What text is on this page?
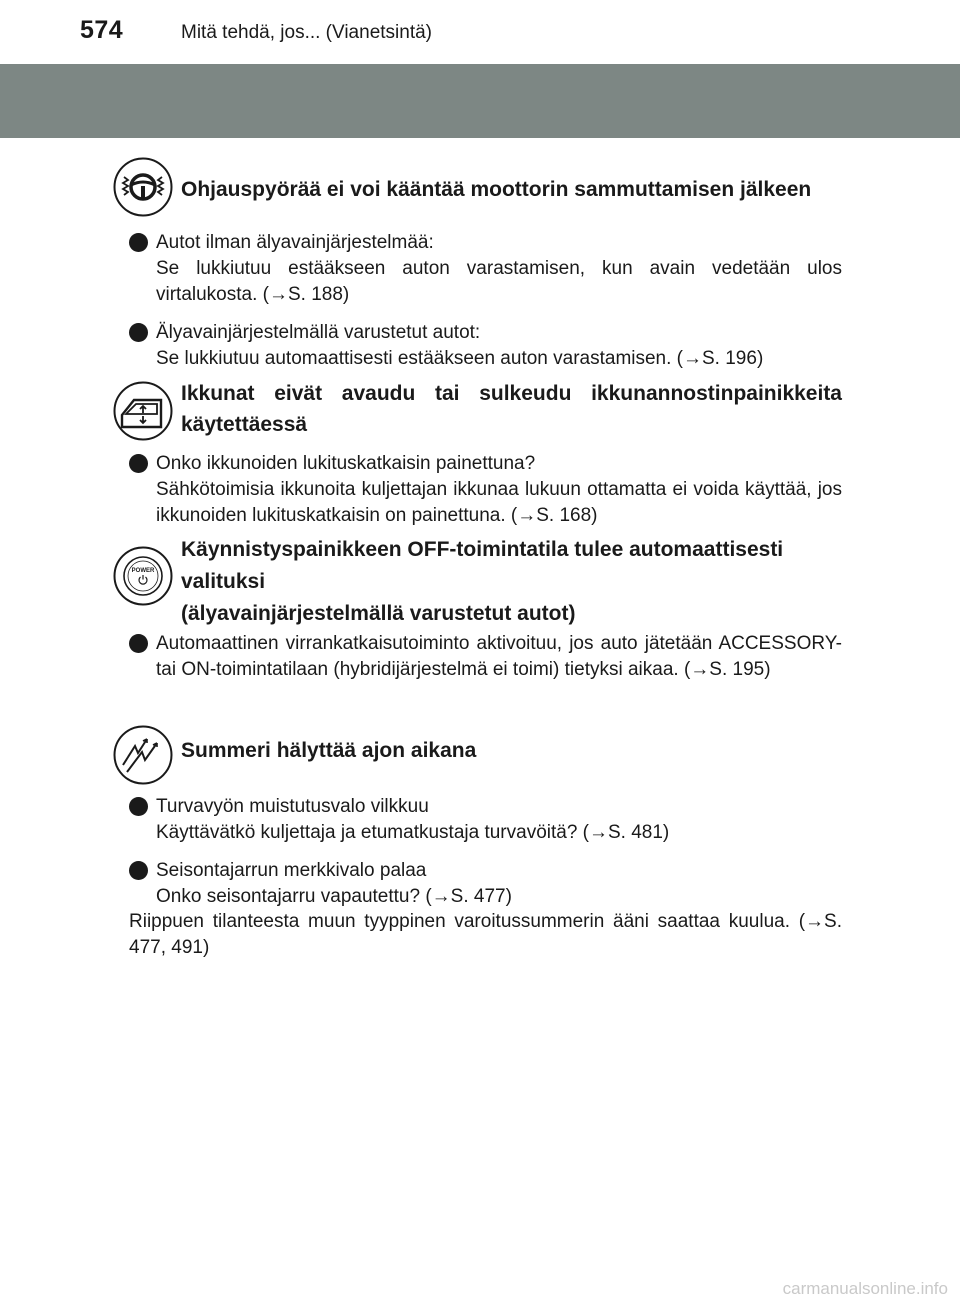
574	Mitä tehdä, jos... (Vianetsintä)
Ohjauspyörää ei voi kääntää moottorin sammuttamisen jälkeen
Autot ilman älyavainjärjestelmää:
Se lukkiutuu estääkseen auton varastamisen, kun avain vedetään ulos virtalukosta. (→S. 188)
Älyavainjärjestelmällä varustetut autot:
Se lukkiutuu automaattisesti estääkseen auton varastamisen. (→S. 196)
Ikkunat eivät avaudu tai sulkeudu ikkunannostinpainikkeita käytettäessä
Onko ikkunoiden lukituskatkaisin painettuna?
Sähkötoimisia ikkunoita kuljettajan ikkunaa lukuun ottamatta ei voida käyttää, jos ikkunoiden lukituskatkaisin on painettuna. (→S. 168)
POWER
Käynnistyspainikkeen OFF-toimintatila tulee automaattisesti
valituksi
(älyavainjärjestelmällä varustetut autot)
Automaattinen virrankatkaisutoiminto aktivoituu, jos auto jätetään ACCESSORY- tai ON-toimintatilaan (hybridijärjestelmä ei toimi) tietyksi aikaa. (→S. 195)
Summeri hälyttää ajon aikana
Turvavyön muistutusvalo vilkkuu
Käyttävätkö kuljettaja ja etumatkustaja turvavöitä? (→S. 481)
Seisontajarrun merkkivalo palaa
Onko seisontajarru vapautettu? (→S. 477)
Riippuen tilanteesta muun tyyppinen varoitussummerin ääni saattaa kuulua. (→S. 477, 491)
carmanualsonline.info
